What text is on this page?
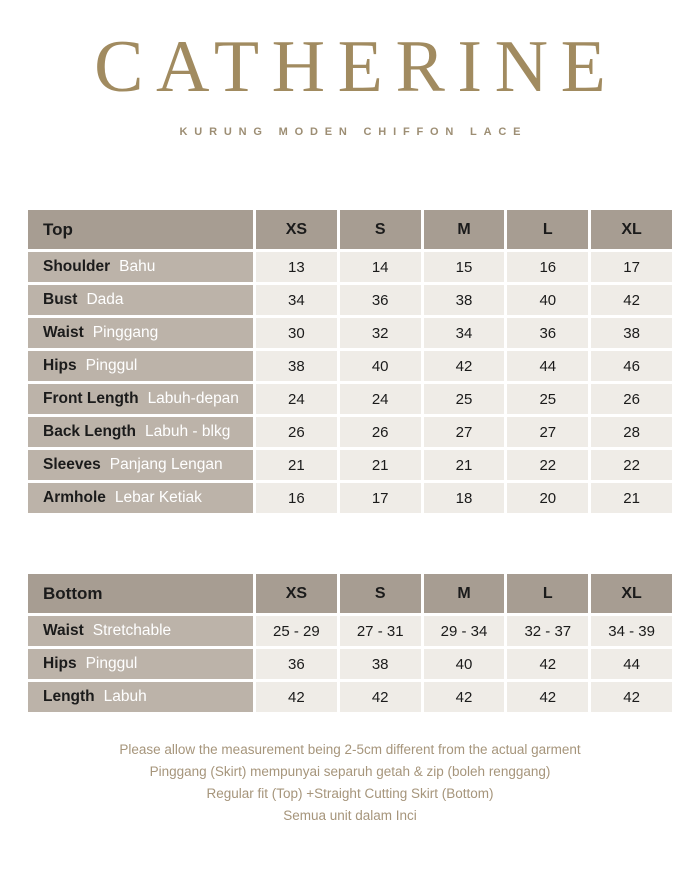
CATHERINE
KURUNG MODEN CHIFFON LACE
Top	XS	S	M	L	XL
Shoulder Bahu	13	14	15	16	17
Bust Dada	34	36	38	40	42
Waist Pinggang	30	32	34	36	38
Hips Pinggul	38	40	42	44	46
Front Length Labuh-depan	24	24	25	25	26
Back Length Labuh - blkg	26	26	27	27	28
Sleeves Panjang Lengan	21	21	21	22	22
Armhole Lebar Ketiak	16	17	18	20	21
Bottom	XS	S	M	L	XL
Waist Stretchable	25 - 29	27 - 31	29 - 34	32 - 37	34 - 39
Hips Pinggul	36	38	40	42	44
Length Labuh	42	42	42	42	42
Please allow the measurement being 2-5cm different from the actual garment
Pinggang (Skirt) mempunyai separuh getah & zip (boleh renggang)
Regular fit (Top) +Straight Cutting Skirt (Bottom)
Semua unit dalam Inci
